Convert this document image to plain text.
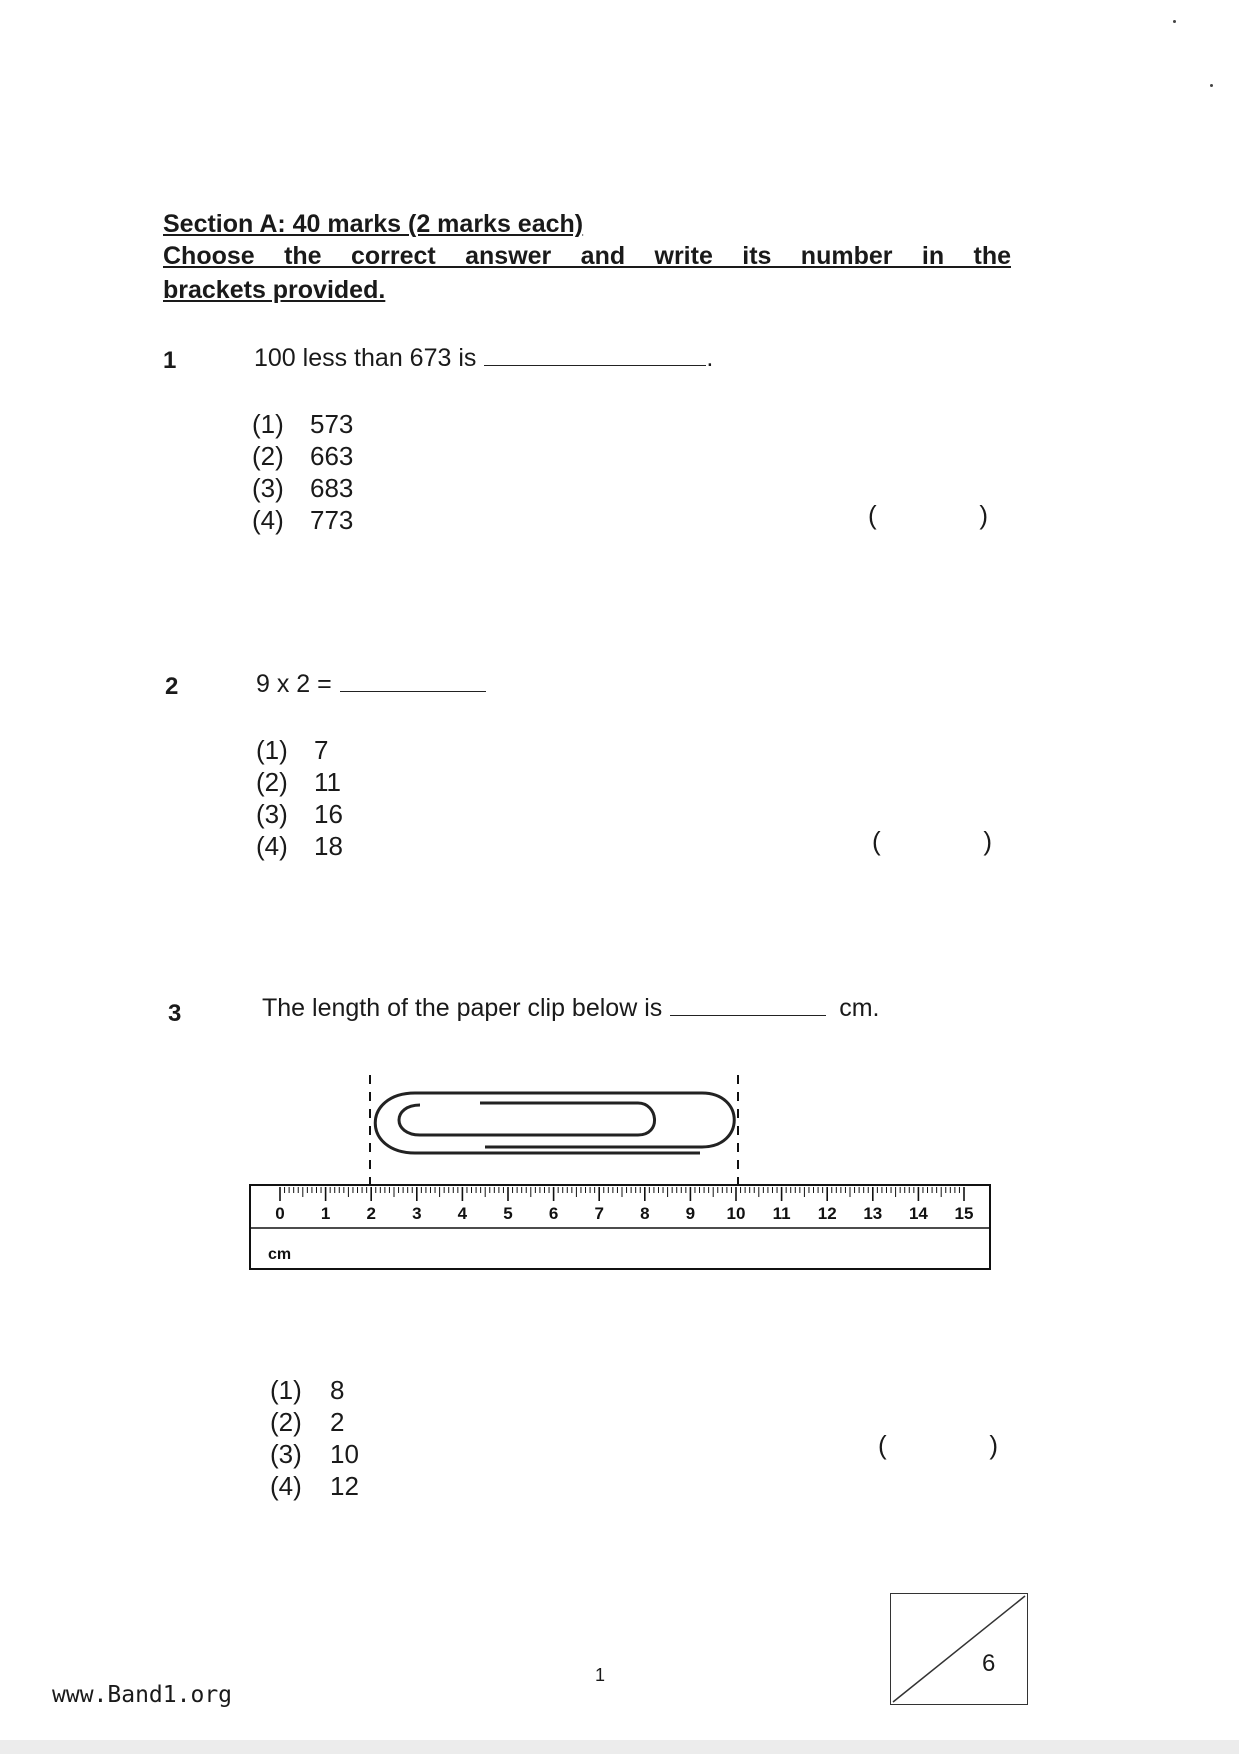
Section A: 40 marks (2 marks each)
Choose the correct answer and write its number in the
brackets provided.
1	100 less than 673 is	.
(1) 573
(2) 663
(3) 683
(4) 773	(	)
2	9 x 2 =
(1) 7
(2) 11
(3) 16
(4) 18	(	)
3	The length of the paper clip below is	cm.
0 1 2 3 4 5 6 7 8 9 10 11 12 13 14 15
cm
(1) 8
(2) 2
(3) 10
(4) 12
(	)
www.Band1.org
1	6
